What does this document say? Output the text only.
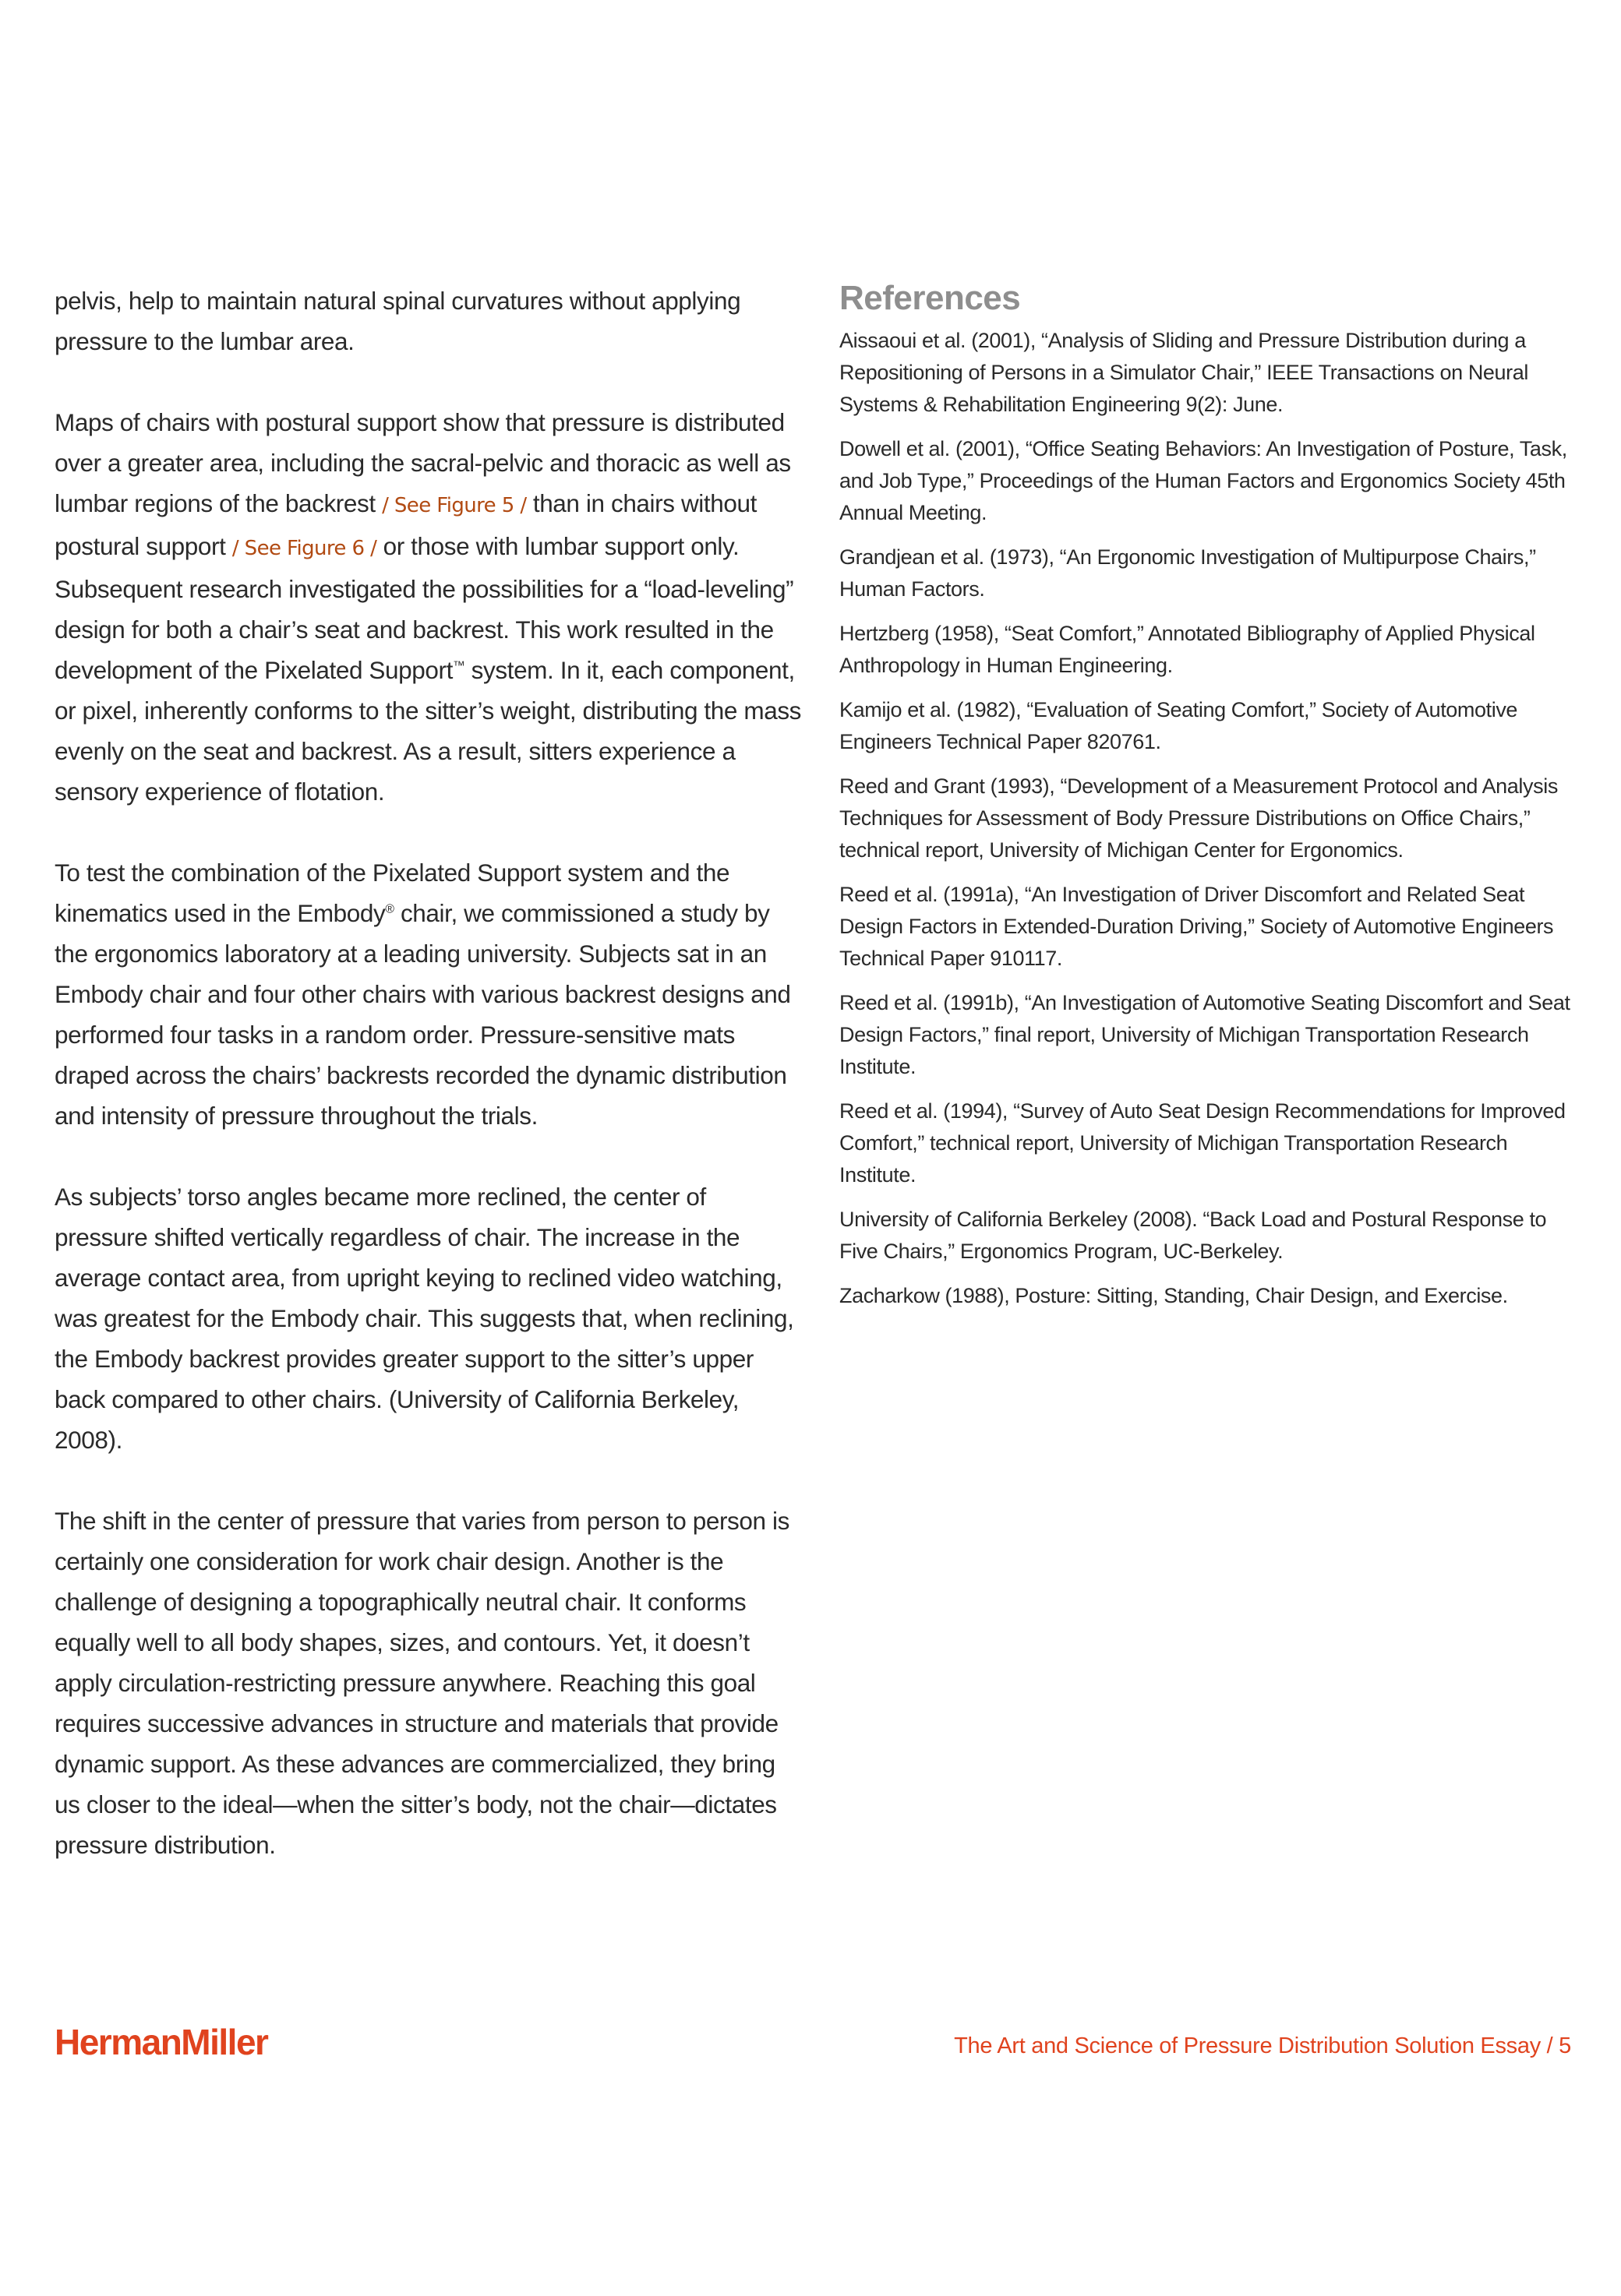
pelvis, help to maintain natural spinal curvatures without applying pressure to the lumbar area.

Maps of chairs with postural support show that pressure is distributed over a greater area, including the sacral-pelvic and thoracic as well as lumbar regions of the backrest / See Figure 5 / than in chairs without postural support / See Figure 6 / or those with lumbar support only. Subsequent research investigated the possibilities for a “load-leveling” design for both a chair’s seat and backrest. This work resulted in the development of the Pixelated Support™ system. In it, each component, or pixel, inherently conforms to the sitter’s weight, distributing the mass evenly on the seat and backrest. As a result, sitters experience a sensory experience of flotation.

To test the combination of the Pixelated Support system and the kinematics used in the Embody® chair, we commissioned a study by the ergonomics laboratory at a leading university. Subjects sat in an Embody chair and four other chairs with various backrest designs and performed four tasks in a random order. Pressure-sensitive mats draped across the chairs’ backrests recorded the dynamic distribution and intensity of pressure throughout the trials.

As subjects’ torso angles became more reclined, the center of pressure shifted vertically regardless of chair. The increase in the average contact area, from upright keying to reclined video watching, was greatest for the Embody chair. This suggests that, when reclining, the Embody backrest provides greater support to the sitter’s upper back compared to other chairs. (University of California Berkeley, 2008).

The shift in the center of pressure that varies from person to person is certainly one consideration for work chair design. Another is the challenge of designing a topographically neutral chair. It conforms equally well to all body shapes, sizes, and contours. Yet, it doesn’t apply circulation-restricting pressure anywhere. Reaching this goal requires successive advances in structure and materials that provide dynamic support. As these advances are commercialized, they bring us closer to the ideal—when the sitter’s body, not the chair—dictates pressure distribution.

References
Aissaoui et al. (2001), “Analysis of Sliding and Pressure Distribution during a Repositioning of Persons in a Simulator Chair,” IEEE Transactions on Neural Systems & Rehabilitation Engineering 9(2): June.
Dowell et al. (2001), “Office Seating Behaviors: An Investigation of Posture, Task, and Job Type,” Proceedings of the Human Factors and Ergonomics Society 45th Annual Meeting.
Grandjean et al. (1973), “An Ergonomic Investigation of Multipurpose Chairs,” Human Factors.
Hertzberg (1958), “Seat Comfort,” Annotated Bibliography of Applied Physical Anthropology in Human Engineering.
Kamijo et al. (1982), “Evaluation of Seating Comfort,” Society of Automotive Engineers Technical Paper 820761.
Reed and Grant (1993), “Development of a Measurement Protocol and Analysis Techniques for Assessment of Body Pressure Distributions on Office Chairs,” technical report, University of Michigan Center for Ergonomics.
Reed et al. (1991a), “An Investigation of Driver Discomfort and Related Seat Design Factors in Extended-Duration Driving,” Society of Automotive Engineers Technical Paper 910117.
Reed et al. (1991b), “An Investigation of Automotive Seating Discomfort and Seat Design Factors,” final report, University of Michigan Transportation Research Institute.
Reed et al. (1994), “Survey of Auto Seat Design Recommendations for Improved Comfort,” technical report, University of Michigan Transportation Research Institute.
University of California Berkeley (2008). “Back Load and Postural Response to Five Chairs,” Ergonomics Program, UC-Berkeley.
Zacharkow (1988), Posture: Sitting, Standing, Chair Design, and Exercise.
HermanMiller	The Art and Science of Pressure Distribution Solution Essay / 5
